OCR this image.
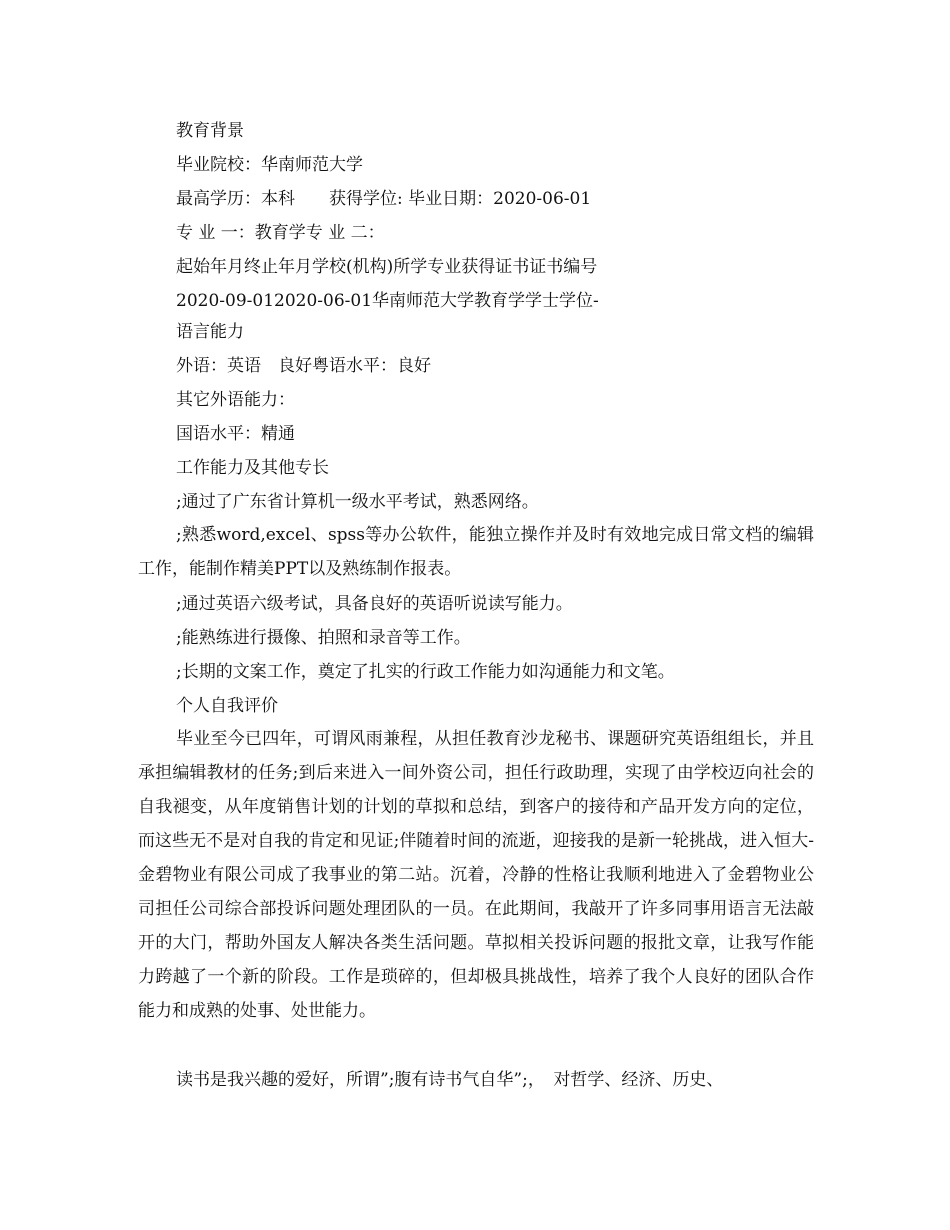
教育背景
毕业院校：华南师范大学
最高学历：本科　　获得学位: 毕业日期：2020-06-01
专 业 一：教育学专 业 二：
起始年月终止年月学校(机构)所学专业获得证书证书编号
2020-09-012020-06-01华南师范大学教育学学士学位-
语言能力
外语：英语　良好粤语水平：良好
其它外语能力：
国语水平：精通
工作能力及其他专长
;通过了广东省计算机一级水平考试，熟悉网络。

;熟悉word,excel、spss等办公软件，能独立操作并及时有效地完成日常文档的编辑工作，能制作精美PPT以及熟练制作报表。

;通过英语六级考试，具备良好的英语听说读写能力。
;能熟练进行摄像、拍照和录音等工作。
;长期的文案工作，奠定了扎实的行政工作能力如沟通能力和文笔。
个人自我评价

毕业至今已四年，可谓风雨兼程，从担任教育沙龙秘书、课题研究英语组组长，并且承担编辑教材的任务;到后来进入一间外资公司，担任行政助理，实现了由学校迈向社会的自我褪变，从年度销售计划的计划的草拟和总结，到客户的接待和产品开发方向的定位，而这些无不是对自我的肯定和见证;伴随着时间的流逝，迎接我的是新一轮挑战，进入恒大-金碧物业有限公司成了我事业的第二站。沉着，冷静的性格让我顺利地进入了金碧物业公司担任公司综合部投诉问题处理团队的一员。在此期间，我敲开了许多同事用语言无法敲开的大门，帮助外国友人解决各类生活问题。草拟相关投诉问题的报批文章，让我写作能力跨越了一个新的阶段。工作是琐碎的，但却极具挑战性，培养了我个人良好的团队合作能力和成熟的处事、处世能力。

读书是我兴趣的爱好，所谓”;腹有诗书气自华”;，　对哲学、经济、历史、
